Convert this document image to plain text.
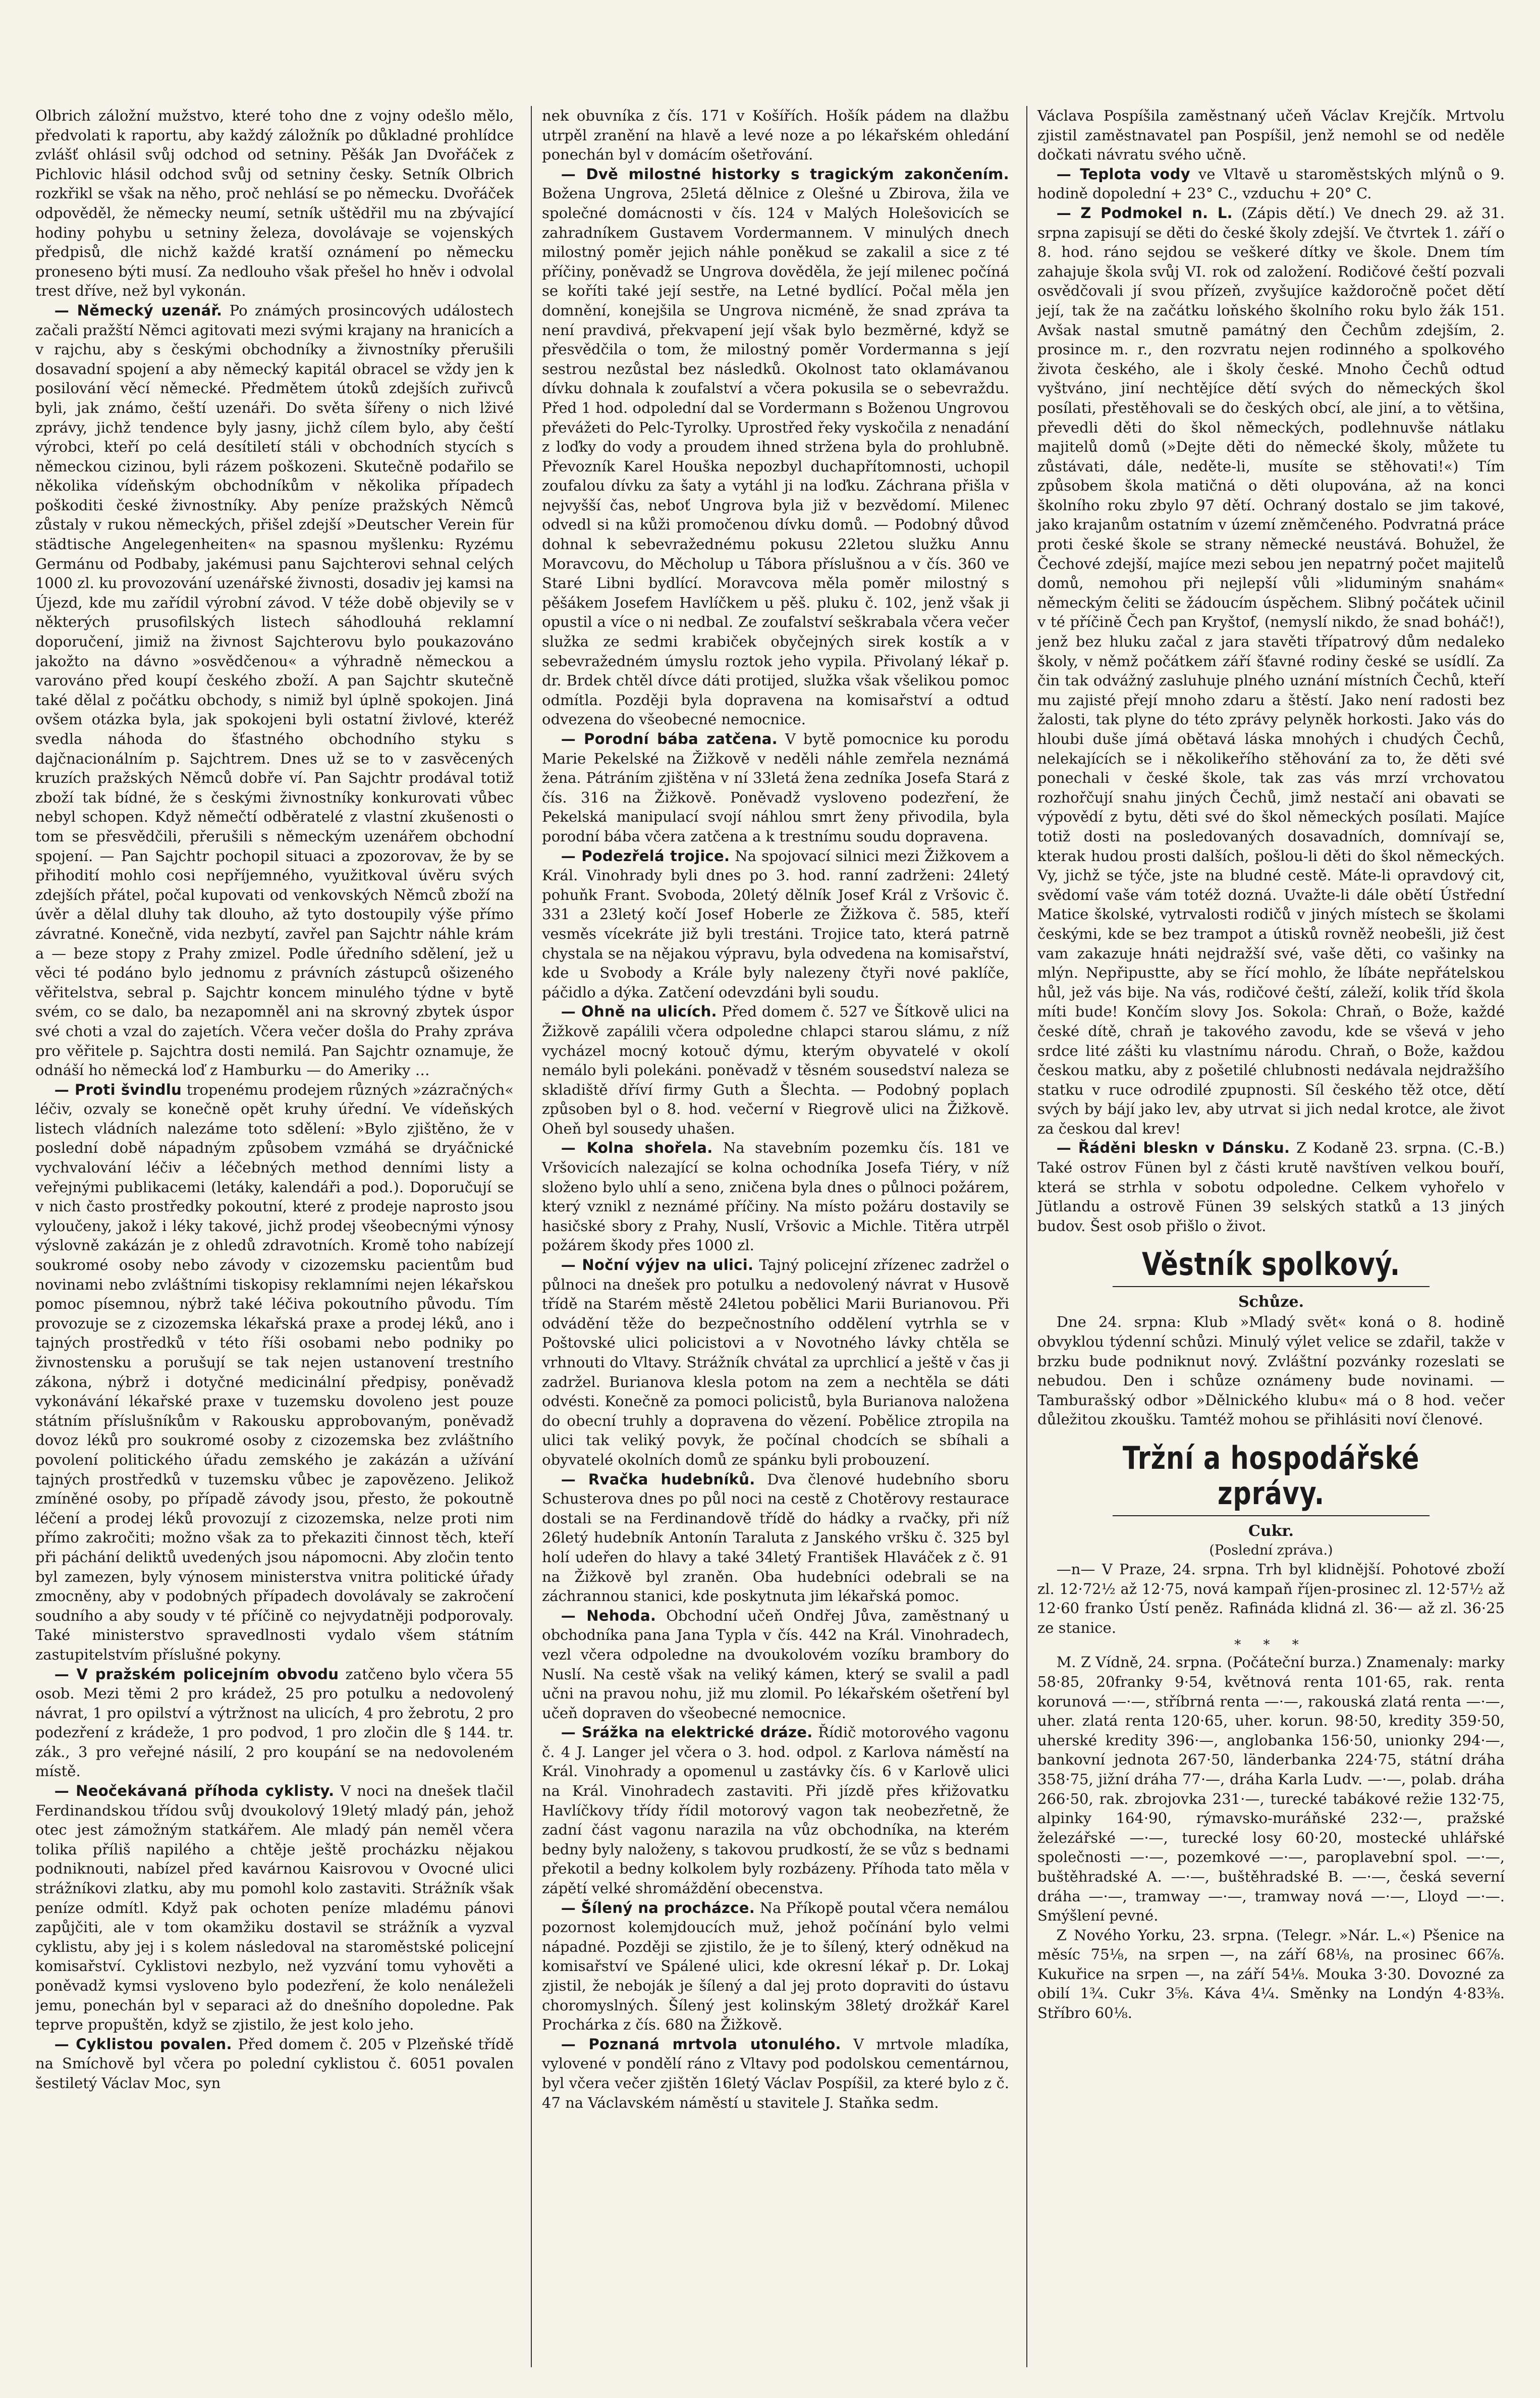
Olbrich záložní mužstvo, které toho dne z vojny odešlo mělo, předvolati k raportu, aby každý záložník po důkladné prohlídce zvlášť ohlásil svůj odchod od setniny. Pěšák Jan Dvořáček z Pichlovic hlásil odchod svůj od setniny česky. Setník Olbrich rozkřikl se však na něho, proč nehlásí se po německu. Dvořáček odpověděl, že německy neumí, setník uštědřil mu na zbývající hodiny pohybu u setniny železa, dovolávaje se vojenských předpisů, dle nichž každé kratší oznámení po německu proneseno býti musí. Za nedlouho však přešel ho hněv i odvolal trest dříve, než byl vykonán.

— Německý uzenář. Po známých prosincových událostech začali pražští Němci agitovati mezi svými krajany na hranicích a v rajchu, aby s českými obchodníky a živnostníky přerušili dosavadní spojení a aby německý kapitál obracel se vždy jen k posilování věcí německé. Předmětem útoků zdejších zuřivců byli, jak známo, čeští uzenáři. Do světa šířeny o nich lživé zprávy, jichž tendence byly jasny, jichž cílem bylo, aby čeští výrobci, kteří po celá desítiletí stáli v obchodních stycích s německou cizinou, byli rázem poškozeni. Skutečně podařilo se několika vídeňským obchodníkům v několika případech poškoditi české živnostníky. Aby peníze pražských Němců zůstaly v rukou německých, přišel zdejší »Deutscher Verein für städtische Angelegenheiten« na spasnou myšlenku: Ryzému Germánu od Podbaby, jakémusi panu Sajchterovi sehnal celých 1000 zl. ku provozování uzenářské živnosti, dosadiv jej kamsi na Újezd, kde mu zařídil výrobní závod. V téže době objevily se v některých prusofilských listech sáhodlouhá reklamní doporučení, jimiž na živnost Sajchterovu bylo poukazováno jakožto na dávno »osvědčenou« a výhradně německou a varováno před koupí českého zboží. A pan Sajchtr skutečně také dělal z počátku obchody, s nimiž byl úplně spokojen. Jiná ovšem otázka byla, jak spokojeni byli ostatní živlové, kteréž svedla náhoda do šťastného obchodního styku s dajčnacionálním p. Sajchtrem. Dnes už se to v zasvěcených kruzích pražských Němců dobře ví. Pan Sajchtr prodával totiž zboží tak bídné, že s českými živnostníky konkurovati vůbec nebyl schopen. Když němečtí odběratelé z vlastní zkušenosti o tom se přesvědčili, přerušili s německým uzenářem obchodní spojení. — Pan Sajchtr pochopil situaci a zpozorovav, že by se přihodití mohlo cosi nepříjemného, využitkoval úvěru svých zdejších přátel, počal kupovati od venkovských Němců zboží na úvěr a dělal dluhy tak dlouho, až tyto dostoupily výše přímo závratné. Konečně, vida nezbytí, zavřel pan Sajchtr náhle krám a — beze stopy z Prahy zmizel. Podle úředního sdělení, jež u věci té podáno bylo jednomu z právních zástupců ošizeného věřitelstva, sebral p. Sajchtr koncem minulého týdne v bytě svém, co se dalo, ba nezapomněl ani na skrovný zbytek úspor své choti a vzal do zajetích. Včera večer došla do Prahy zpráva pro věřitele p. Sajchtra dosti nemilá. Pan Sajchtr oznamuje, že odnáší ho německá loď z Hamburku — do Ameriky …

— Proti švindlu tropenému prodejem různých »zázračných« léčiv, ozvaly se konečně opět kruhy úřední. Ve vídeňských listech vládních nalezáme toto sdělení: »Bylo zjištěno, že v poslední době nápadným způsobem vzmáhá se dryáčnické vychvalování léčiv a léčebných method denními listy a veřejnými publikacemi (letáky, kalendáři a pod.). Doporučují se v nich často prostředky pokoutní, které z prodeje naprosto jsou vyloučeny, jakož i léky takové, jichž prodej všeobecnými výnosy výslovně zakázán je z ohledů zdravotních. Kromě toho nabízejí soukromé osoby nebo závody v cizozemsku pacientům bud novinami nebo zvláštními tiskopisy reklamními nejen lékařskou pomoc písemnou, nýbrž také léčiva pokoutního původu. Tím provozuje se z cizozemska lékařská praxe a prodej léků, ano i tajných prostředků v této říši osobami nebo podniky po živnostensku a porušují se tak nejen ustanovení trestního zákona, nýbrž i dotyčné medicinální předpisy, poněvadž vykonávání lékařské praxe v tuzemsku dovoleno jest pouze státním příslušníkům v Rakousku approbovaným, poněvadž dovoz léků pro soukromé osoby z cizozemska bez zvláštního povolení politického úřadu zemského je zakázán a užívání tajných prostředků v tuzemsku vůbec je zapovězeno. Jelikož zmíněné osoby, po případě závody jsou, přesto, že pokoutně léčení a prodej léků provozují z cizozemska, nelze proti nim přímo zakročiti; možno však za to překaziti činnost těch, kteří při páchání deliktů uvedených jsou nápomocni. Aby zločin tento byl zamezen, byly výnosem ministerstva vnitra politické úřady zmocněny, aby v podobných případech dovolávaly se zakročení soudního a aby soudy v té příčině co nejvydatněji podporovaly. Také ministerstvo spravedlnosti vydalo všem státním zastupitelstvím příslušné pokyny.

— V pražském policejním obvodu zatčeno bylo včera 55 osob. Mezi těmi 2 pro krádež, 25 pro potulku a nedovolený návrat, 1 pro opilství a výtržnost na ulicích, 4 pro žebrotu, 2 pro podezření z krádeže, 1 pro podvod, 1 pro zločin dle § 144. tr. zák., 3 pro veřejné násilí, 2 pro koupání se na nedovoleném místě.

— Neočekávaná příhoda cyklisty. V noci na dnešek tlačil Ferdinandskou třídou svůj dvoukolový 19letý mladý pán, jehož otec jest zámožným statkářem. Ale mladý pán neměl včera tolika příliš napilého a chtěje ještě procházku nějakou podniknouti, nabízel před kavárnou Kaisrovou v Ovocné ulici strážníkovi zlatku, aby mu pomohl kolo zastaviti. Strážník však peníze odmítl. Když pak ochoten peníze mladému pánovi zapůjčiti, ale v tom okamžiku dostavil se strážník a vyzval cyklistu, aby jej i s kolem následoval na staroměstské policejní komisařství. Cyklistovi nezbylo, než vyzvání tomu vyhověti a poněvadž kymsi vysloveno bylo podezření, že kolo nenáleželi jemu, ponechán byl v separaci až do dnešního dopoledne. Pak teprve propuštěn, když se zjistilo, že jest kolo jeho.

— Cyklistou povalen. Před domem č. 205 v Plzeňské třídě na Smíchově byl včera po polední cyklistou č. 6051 povalen šestiletý Václav Moc, syn

nek obuvníka z čís. 171 v Košířích. Hošík pádem na dlažbu utrpěl zranění na hlavě a levé noze a po lékařském ohledání ponechán byl v domácím ošetřování.

— Dvě milostné historky s tragickým zakončením. Božena Ungrova, 25letá dělnice z Olešné u Zbirova, žila ve společné domácnosti v čís. 124 v Malých Holešovicích se zahradníkem Gustavem Vordermannem. V minulých dnech milostný poměr jejich náhle poněkud se zakalil a sice z té příčiny, poněvadž se Ungrova dověděla, že její milenec počíná se koříti také její sestře, na Letné bydlící. Počal měla jen domnění, konejšila se Ungrova nicméně, že snad zpráva ta není pravdivá, překvapení její však bylo bezměrné, když se přesvědčila o tom, že milostný poměr Vordermanna s její sestrou nezůstal bez následků. Okolnost tato oklamávanou dívku dohnala k zoufalství a včera pokusila se o sebevraždu. Před 1 hod. odpolední dal se Vordermann s Boženou Ungrovou převážeti do Pelc-Tyrolky. Uprostřed řeky vyskočila z nenadání z loďky do vody a proudem ihned stržena byla do prohlubně. Převozník Karel Houška nepozbyl duchapřítomnosti, uchopil zoufalou dívku za šaty a vytáhl ji na loďku. Záchrana přišla v nejvyšší čas, neboť Ungrova byla již v bezvědomí. Milenec odvedl si na kůži promočenou dívku domů. — Podobný důvod dohnal k sebevražednému pokusu 22letou služku Annu Moravcovu, do Měcholup u Tábora příslušnou a v čís. 360 ve Staré Libni bydlící. Moravcova měla poměr milostný s pěšákem Josefem Havlíčkem u pěš. pluku č. 102, jenž však ji opustil a více o ni nedbal. Ze zoufalství seškrabala včera večer služka ze sedmi krabiček obyčejných sirek kostík a v sebevražedném úmyslu roztok jeho vypila. Přivolaný lékař p. dr. Brdek chtěl dívce dáti protijed, služka však všelikou pomoc odmítla. Později byla dopravena na komisařství a odtud odvezena do všeobecné nemocnice.

— Porodní bába zatčena. V bytě pomocnice ku porodu Marie Pekelské na Žižkově v neděli náhle zemřela neznámá žena. Pátráním zjištěna v ní 33letá žena zedníka Josefa Stará z čís. 316 na Žižkově. Poněvadž vysloveno podezření, že Pekelská manipulací svojí náhlou smrt ženy přivodila, byla porodní bába včera zatčena a k trestnímu soudu dopravena.

— Podezřelá trojice. Na spojovací silnici mezi Žižkovem a Král. Vinohrady byli dnes po 3. hod. ranní zadrženi: 24letý pohuňk Frant. Svoboda, 20letý dělník Josef Král z Vršovic č. 331 a 23letý kočí Josef Hoberle ze Žižkova č. 585, kteří vesměs vícekráte již byli trestáni. Trojice tato, která patrně chystala se na nějakou výpravu, byla odvedena na komisařství, kde u Svobody a Krále byly nalezeny čtyři nové paklíče, páčidlo a dýka. Zatčení odevzdáni byli soudu.

— Ohně na ulicích. Před domem č. 527 ve Šítkově ulici na Žižkově zapálili včera odpoledne chlapci starou slámu, z níž vycházel mocný kotouč dýmu, kterým obyvatelé v okolí nemálo byli polekáni. poněvadž v těsném sousedství naleza se skladiště dříví firmy Guth a Šlechta. — Podobný poplach způsoben byl o 8. hod. večerní v Riegrově ulici na Žižkově. Oheň byl sousedy uhašen.

— Kolna shořela. Na stavebním pozemku čís. 181 ve Vršovicích nalezající se kolna ochodníka Josefa Tiéry, v níž složeno bylo uhlí a seno, zničena byla dnes o půlnoci požárem, který vznikl z neznámé příčiny. Na místo požáru dostavily se hasičské sbory z Prahy, Nuslí, Vršovic a Michle. Titěra utrpěl požárem škody přes 1000 zl.

— Noční výjev na ulici. Tajný policejní zřízenec zadržel o půlnoci na dnešek pro potulku a nedovolený návrat v Husově třídě na Starém městě 24letou pobělici Marii Burianovou. Při odvádění těže do bezpečnostního oddělení vytrhla se v Poštovské ulici policistovi a v Novotného lávky chtěla se vrhnouti do Vltavy. Strážník chvátal za uprchlicí a ještě v čas ji zadržel. Burianova klesla potom na zem a nechtěla se dáti odvésti. Konečně za pomoci policistů, byla Burianova naložena do obecní truhly a dopravena do vězení. Pobělice ztropila na ulici tak veliký povyk, že počínal chodcích se sbíhali a obyvatelé okolních domů ze spánku byli probouzení.

— Rvačka hudebníků. Dva členové hudebního sboru Schusterova dnes po půl noci na cestě z Chotěrovy restaurace dostali se na Ferdinandově třídě do hádky a rvačky, při níž 26letý hudebník Antonín Taraluta z Janského vršku č. 325 byl holí udeřen do hlavy a také 34letý František Hlaváček z č. 91 na Žižkově byl zraněn. Oba hudebníci odebrali se na záchrannou stanici, kde poskytnuta jim lékařská pomoc.

— Nehoda. Obchodní učeň Ondřej Jůva, zaměstnaný u obchodníka pana Jana Typla v čís. 442 na Král. Vinohradech, vezl včera odpoledne na dvoukolovém vozíku brambory do Nuslí. Na cestě však na veliký kámen, který se svalil a padl učni na pravou nohu, již mu zlomil. Po lékařském ošetření byl učeň dopraven do všeobecné nemocnice.

— Srážka na elektrické dráze. Řídič motorového vagonu č. 4 J. Langer jel včera o 3. hod. odpol. z Karlova náměstí na Král. Vinohrady a opomenul u zastávky čís. 6 v Karlově ulici na Král. Vinohradech zastaviti. Při jízdě přes křižovatku Havlíčkovy třídy řídil motorový vagon tak neobezřetně, že zadní část vagonu narazila na vůz obchodníka, na kterém bedny byly naloženy, s takovou prudkostí, že se vůz s bednami překotil a bedny kolkolem byly rozbázeny. Příhoda tato měla v zápětí velké shromáždění obecenstva.

— Šílený na procházce. Na Příkopě poutal včera nemálou pozornost kolemjdoucích muž, jehož počínání bylo velmi nápadné. Později se zjistilo, že je to šílený, který odněkud na komisařství ve Spálené ulici, kde okresní lékař p. Dr. Lokaj zjistil, že neboják je šílený a dal jej proto dopraviti do ústavu choromyslných. Šílený jest kolinským 38letý drožkář Karel Prochárka z čís. 680 na Žižkově.

— Poznaná mrtvola utonulého. V mrtvole mladíka, vylovené v pondělí ráno z Vltavy pod podolskou cementárnou, byl včera večer zjištěn 16letý Václav Pospíšil, za které bylo z č. 47 na Václavském náměstí u stavitele J. Staňka sedm.

Václava Pospíšila zaměstnaný učeň Václav Krejčík. Mrtvolu zjistil zaměstnavatel pan Pospíšil, jenž nemohl se od neděle dočkati návratu svého učně.

— Teplota vody ve Vltavě u staroměstských mlýnů o 9. hodině dopolední + 23° C., vzduchu + 20° C.

— Z Podmokel n. L. (Zápis dětí.) Ve dnech 29. až 31. srpna zapisují se děti do české školy zdejší. Ve čtvrtek 1. září o 8. hod. ráno sejdou se veškeré dítky ve škole. Dnem tím zahajuje škola svůj VI. rok od založení. Rodičové čeští pozvali osvědčovali jí svou přízeň, zvyšujíce každoročně počet dětí její, tak že na začátku loňského školního roku bylo žák 151. Avšak nastal smutně památný den Čechům zdejším, 2. prosince m. r., den rozvratu nejen rodinného a spolkového života českého, ale i školy české. Mnoho Čechů odtud vyštváno, jiní nechtějíce dětí svých do německých škol posílati, přestěhovali se do českých obcí, ale jiní, a to většina, převedli děti do škol německých, podlehnuvše nátlaku majitelů domů (»Dejte děti do německé školy, můžete tu zůstávati, dále, neděte-li, musíte se stěhovati!«) Tím způsobem škola matičná o děti olupována, až na konci školního roku zbylo 97 dětí. Ochraný dostalo se jim takové, jako krajanům ostatním v území zněmčeného. Podvratná práce proti české škole se strany německé neustává. Bohužel, že Čechové zdejší, majíce mezi sebou jen nepatrný počet majitelů domů, nemohou při nejlepší vůli »liduminým snahám« německým čeliti se žádoucím úspěchem. Slibný počátek učinil v té příčině Čech pan Kryštof, (nemyslí nikdo, že snad boháč!), jenž bez hluku začal z jara stavěti třípatrový dům nedaleko školy, v němž počátkem září šťavné rodiny české se usídlí. Za čin tak odvážný zasluhuje plného uznání místních Čechů, kteří mu zajisté přejí mnoho zdaru a štěstí. Jako není radosti bez žalosti, tak plyne do této zprávy pelyněk horkosti. Jako vás do hloubi duše jímá obětavá láska mnohých i chudých Čechů, nelekajících se i několikeřího stěhování za to, že děti své ponechali v české škole, tak zas vás mrzí vrchovatou rozhořčují snahu jiných Čechů, jimž nestačí ani obavati se výpovědí z bytu, děti své do škol německých posílati. Majíce totiž dosti na posledovaných dosavadních, domnívají se, kterak hudou prosti dalších, pošlou-li děti do škol německých. Vy, jichž se týče, jste na bludné cestě. Máte-li opravdový cit, svědomí vaše vám totéž dozná. Uvažte-li dále obětí Ústřední Matice školské, vytrvalosti rodičů v jiných místech se školami českými, kde se bez trampot a útisků rovněž neobešli, již čest vam zakazuje hnáti nejdražší své, vaše děti, co vašinky na mlýn. Nepřipustte, aby se řící mohlo, že líbáte nepřátelskou hůl, jež vás bije. Na vás, rodičové čeští, záleží, kolik tříd škola míti bude! Končím slovy Jos. Sokola: Chraň, o Bože, každé české dítě, chraň je takového zavodu, kde se vševá v jeho srdce lité zášti ku vlastnímu národu. Chraň, o Bože, každou českou matku, aby z pošetilé chlubnosti nedávala nejdražšího statku v ruce odrodilé zpupnosti. Síl českého těž otce, dětí svých by bájí jako lev, aby utrvat si jich nedal krotce, ale život za českou dal krev!

— Řáděni bleskn v Dánsku. Z Kodaně 23. srpna. (C.-B.) Také ostrov Fünen byl z části krutě navštíven velkou bouří, která se strhla v sobotu odpoledne. Celkem vyhořelo v Jütlandu a ostrově Fünen 39 selských statků a 13 jiných budov. Šest osob přišlo o život.

Věstník spolkový.
Schůze.

Dne 24. srpna: Klub »Mladý svět« koná o 8. hodině obvyklou týdenní schůzi. Minulý výlet velice se zdařil, takže v brzku bude podniknut nový. Zvláštní pozvánky rozeslati se nebudou. Den i schůze oznámeny bude novinami. — Tamburašský odbor »Dělnického klubu« má o 8 hod. večer důležitou zkoušku. Tamtéž mohou se přihlásiti noví členové.

Tržní a hospodářské zprávy.
Cukr.
(Poslední zpráva.)

—n— V Praze, 24. srpna. Trh byl klidnější. Pohotové zboží zl. 12·72½ až 12·75, nová kampaň říjen-prosinec zl. 12·57½ až 12·60 franko Ústí peněz. Rafináda klidná zl. 36·— až zl. 36·25 ze stanice.

* * *

M. Z Vídně, 24. srpna. (Počáteční burza.) Znamenaly: marky 58·85, 20franky 9·54, květnová renta 101·65, rak. renta korunová —·—, stříbrná renta —·—, rakouská zlatá renta —·—, uher. zlatá renta 120·65, uher. korun. 98·50, kredity 359·50, uherské kredity 396·—, anglobanka 156·50, unionky 294·—, bankovní jednota 267·50, länderbanka 224·75, státní dráha 358·75, jižní dráha 77·—, dráha Karla Ludv. —·—, polab. dráha 266·50, rak. zbrojovka 231·—, turecké tabákové režie 132·75, alpinky 164·90, rýmavsko-muráňské 232·—, pražské železářské —·—, turecké losy 60·20, mostecké uhlářské společnosti —·—, pozemkové —·—, paroplavební spol. —·—, buštěhradské A. —·—, buštěhradské B. —·—, česká severní dráha —·—, tramway —·—, tramway nová —·—, Lloyd —·—. Smýšlení pevné.

Z Nového Yorku, 23. srpna. (Telegr. »Nár. L.«) Pšenice na měsíc 75⅛, na srpen —, na září 68⅛, na prosinec 66⅞. Kukuřice na srpen —, na září 54⅛. Mouka 3·30. Dovozné za obilí 1¾. Cukr 3⅝. Káva 4¼. Směnky na Londýn 4·83⅜. Stříbro 60⅛.
